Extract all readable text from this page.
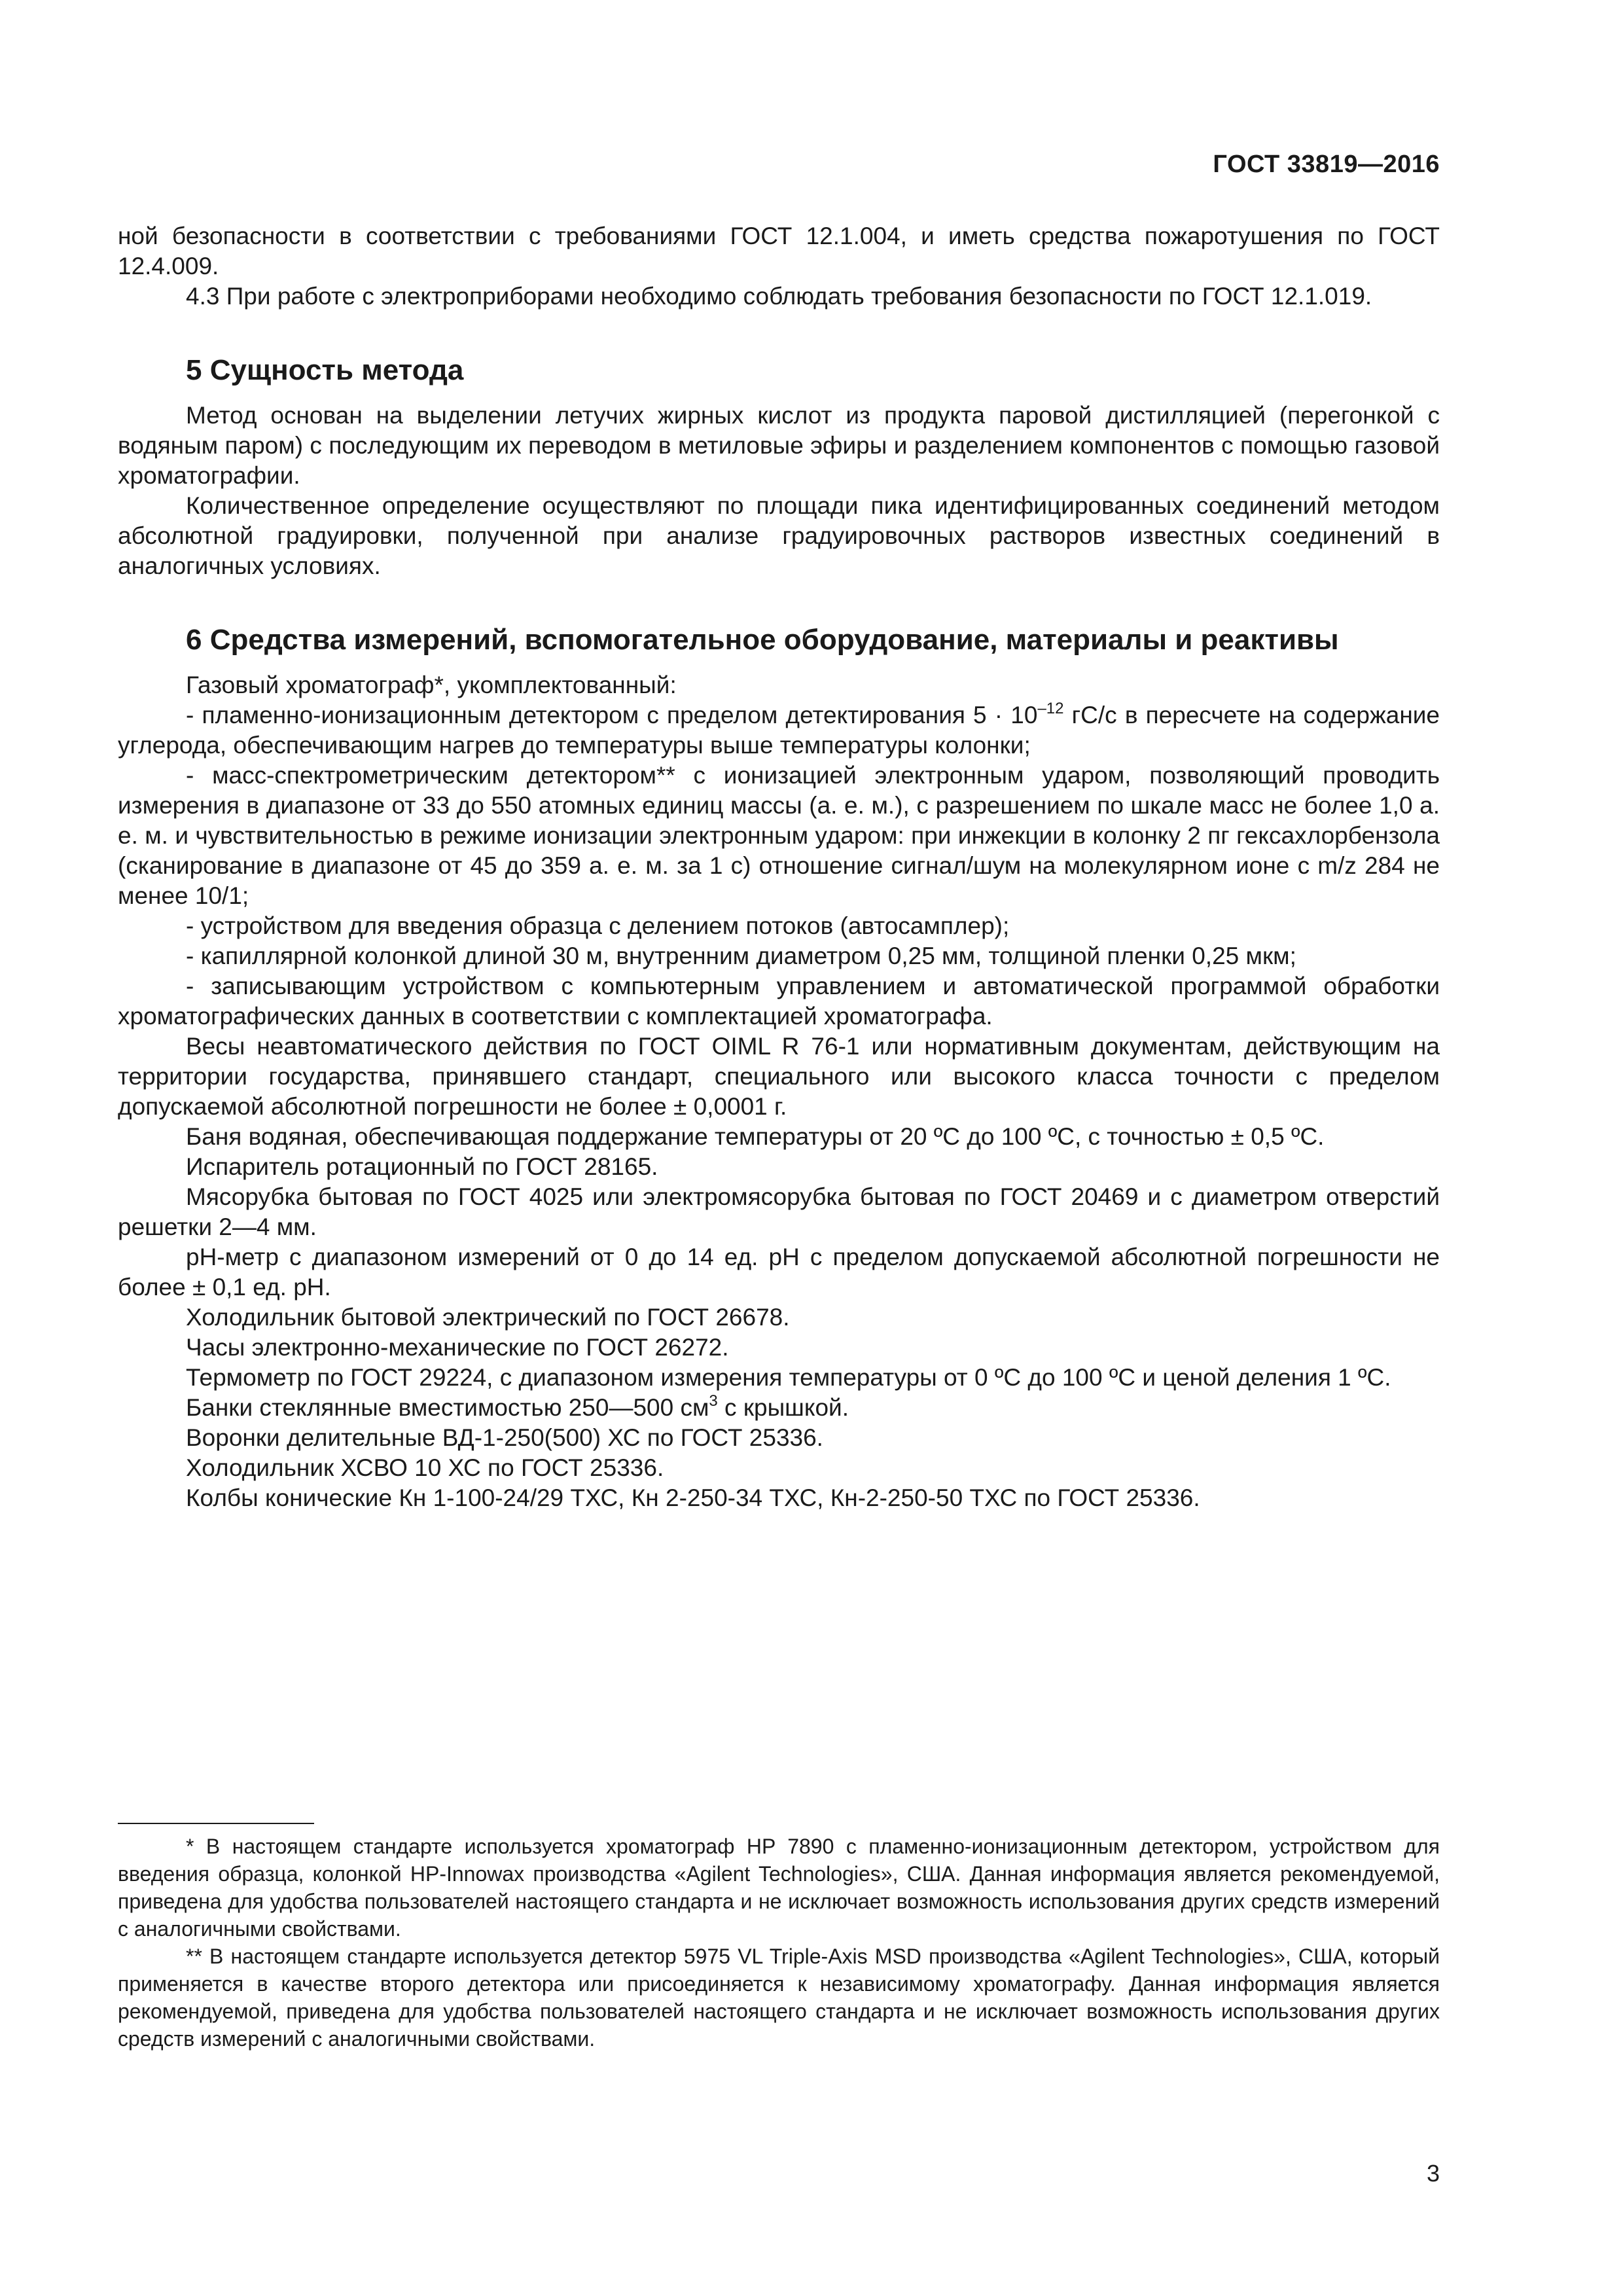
ГОСТ 33819—2016

ной безопасности в соответствии с требованиями ГОСТ 12.1.004, и иметь средства пожаротушения по ГОСТ 12.4.009.

4.3 При работе с электроприборами необходимо соблюдать требования безопасности по ГОСТ 12.1.019.

5 Сущность метода

Метод основан на выделении летучих жирных кислот из продукта паровой дистилляцией (перегонкой с водяным паром) с последующим их переводом в метиловые эфиры и разделением компонентов с помощью газовой хроматографии.

Количественное определение осуществляют по площади пика идентифицированных соединений методом абсолютной градуировки, полученной при анализе градуировочных растворов известных соединений в аналогичных условиях.

6 Средства измерений, вспомогательное оборудование, материалы и реактивы

Газовый хроматограф*, укомплектованный:

- пламенно-ионизационным детектором с пределом детектирования $5 \cdot 10^{-12}$ гС/с в пересчете на содержание углерода, обеспечивающим нагрев до температуры выше температуры колонки;

- масс-спектрометрическим детектором** с ионизацией электронным ударом, позволяющий проводить измерения в диапазоне от 33 до 550 атомных единиц массы (а. е. м.), с разрешением по шкале масс не более 1,0 а. е. м. и чувствительностью в режиме ионизации электронным ударом: при инжекции в колонку 2 пг гексахлорбензола (сканирование в диапазоне от 45 до 359 а. е. м. за 1 с) отношение сигнал/шум на молекулярном ионе с m/z 284 не менее 10/1;

- устройством для введения образца с делением потоков (автосамплер);

- капиллярной колонкой длиной 30 м, внутренним диаметром 0,25 мм, толщиной пленки 0,25 мкм;

- записывающим устройством с компьютерным управлением и автоматической программой обработки хроматографических данных в соответствии с комплектацией хроматографа.

Весы неавтоматического действия по ГОСТ OIML R 76-1 или нормативным документам, действующим на территории государства, принявшего стандарт, специального или высокого класса точности с пределом допускаемой абсолютной погрешности не более ± 0,0001 г.

Баня водяная, обеспечивающая поддержание температуры от 20 ºС до 100 ºС, с точностью ± 0,5 ºС.

Испаритель ротационный по ГОСТ 28165.

Мясорубка бытовая по ГОСТ 4025 или электромясорубка бытовая по ГОСТ 20469 и с диаметром отверстий решетки 2—4 мм.

рН-метр с диапазоном измерений от 0 до 14 ед. рН с пределом допускаемой абсолютной погрешности не более ± 0,1 ед. рН.

Холодильник бытовой электрический по ГОСТ 26678.

Часы электронно-механические по ГОСТ 26272.

Термометр по ГОСТ 29224, с диапазоном измерения температуры от 0 ºС до 100 ºС и ценой деления 1 ºС.

Банки стеклянные вместимостью 250—500 $см^3$ с крышкой.

Воронки делительные ВД-1-250(500) ХС по ГОСТ 25336.

Холодильник ХСВО 10 ХС по ГОСТ 25336.

Колбы конические Кн 1-100-24/29 ТХС, Кн 2-250-34 ТХС, Кн-2-250-50 ТХС по ГОСТ 25336.

* В настоящем стандарте используется хроматограф HP 7890 с пламенно-ионизационным детектором, устройством для введения образца, колонкой HP-Innowax производства «Agilent Technologies», США. Данная информация является рекомендуемой, приведена для удобства пользователей настоящего стандарта и не исключает возможность использования других средств измерений с аналогичными свойствами.

** В настоящем стандарте используется детектор 5975 VL Triple-Axis MSD производства «Agilent Technologies», США, который применяется в качестве второго детектора или присоединяется к независимому хроматографу. Данная информация является рекомендуемой, приведена для удобства пользователей настоящего стандарта и не исключает возможность использования других средств измерений с аналогичными свойствами.

3
